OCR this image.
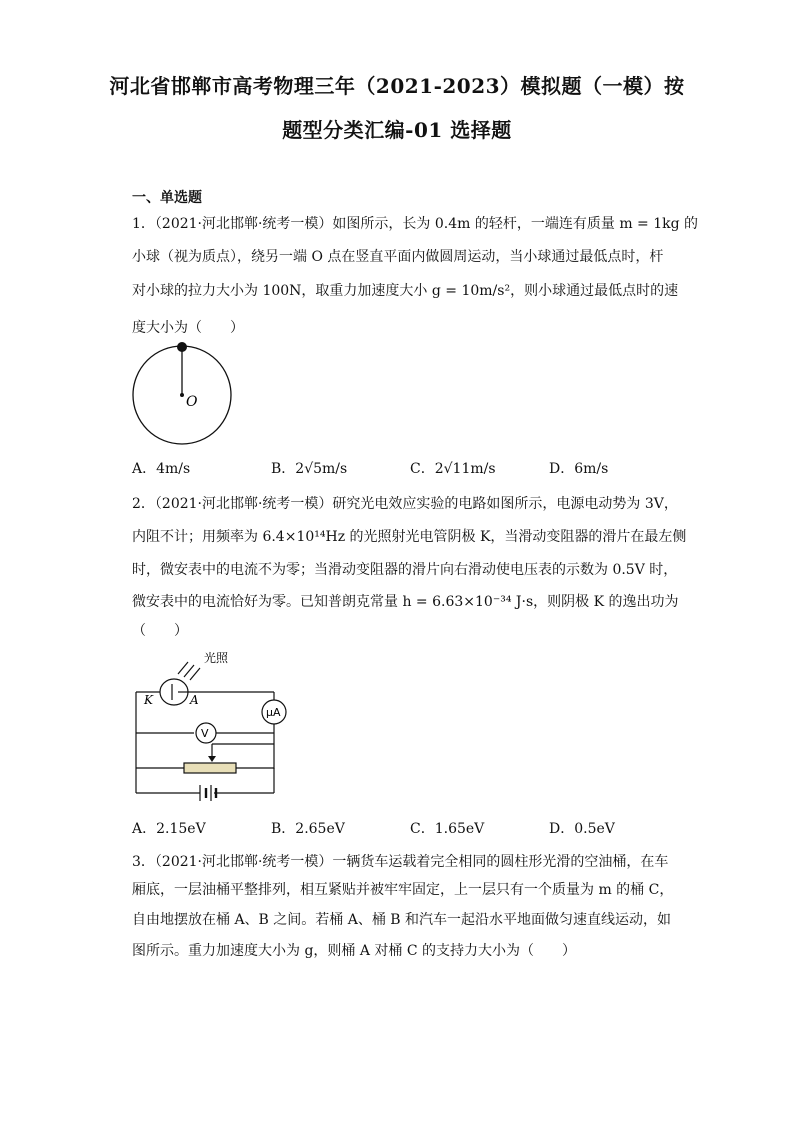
河北省邯郸市高考物理三年（2021-2023）模拟题（一模）按
题型分类汇编-01 选择题
一、单选题
1．（2021·河北邯郸·统考一模）如图所示，长为 0.4m 的轻杆，一端连有质量 m = 1kg 的
小球（视为质点），绕另一端 O 点在竖直平面内做圆周运动，当小球通过最低点时，杆
对小球的拉力大小为 100N，取重力加速度大小 g = 10m/s²，则小球通过最低点时的速
度大小为（　　）
O
A．4m/s	B．2√5m/s	C．2√11m/s	D．6m/s
2．（2021·河北邯郸·统考一模）研究光电效应实验的电路如图所示，电源电动势为 3V，
内阻不计；用频率为 6.4×10¹⁴Hz 的光照射光电管阴极 K，当滑动变阻器的滑片在最左侧
时，微安表中的电流不为零；当滑动变阻器的滑片向右滑动使电压表的示数为 0.5V 时，
微安表中的电流恰好为零。已知普朗克常量 h = 6.63×10⁻³⁴ J·s，则阴极 K 的逸出功为
（　　）
光照
K	A
μA
V
A．2.15eV	B．2.65eV	C．1.65eV	D．0.5eV
3．（2021·河北邯郸·统考一模）一辆货车运载着完全相同的圆柱形光滑的空油桶，在车
厢底，一层油桶平整排列，相互紧贴并被牢牢固定，上一层只有一个质量为 m 的桶 C，
自由地摆放在桶 A、B 之间。若桶 A、桶 B 和汽车一起沿水平地面做匀速直线运动，如
图所示。重力加速度大小为 g，则桶 A 对桶 C 的支持力大小为（　　）
